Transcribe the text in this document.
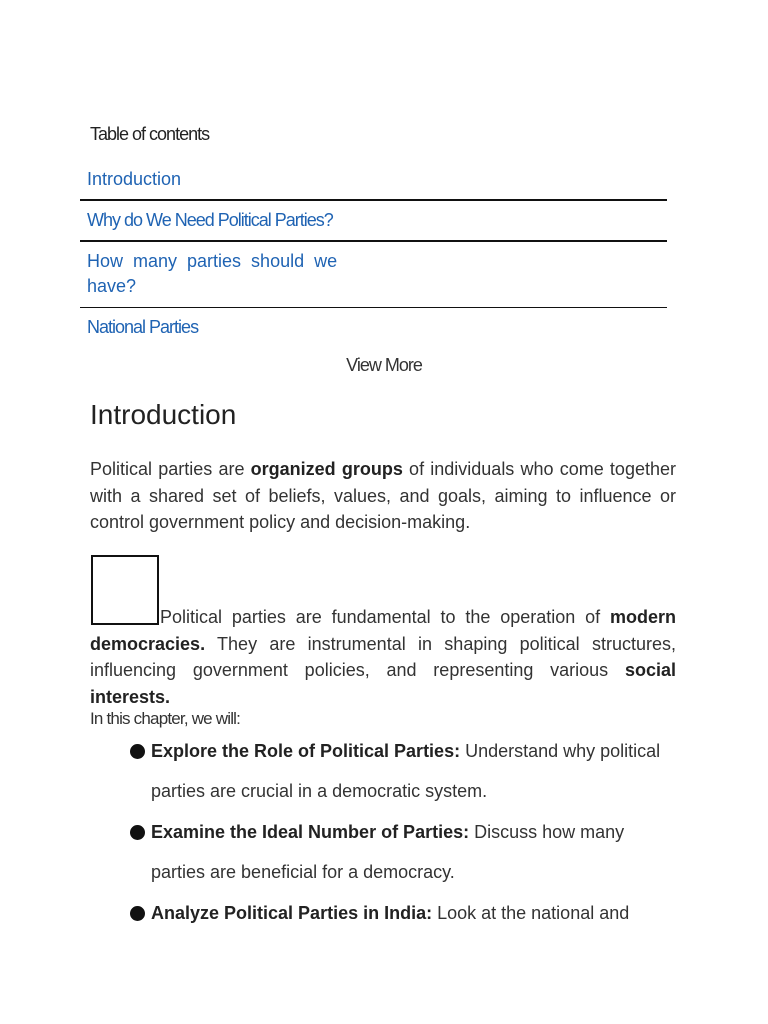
Table of contents
Introduction
Why do We Need Political Parties?
How many parties should we have?
National Parties
View More
Introduction

Political parties are organized groups of individuals who come together with a shared set of beliefs, values, and goals, aiming to influence or control government policy and decision-making.

Political parties are fundamental to the operation of modern democracies. They are instrumental in shaping political structures, influencing government policies, and representing various social interests.

In this chapter, we will:
Explore the Role of Political Parties: Understand why political parties are crucial in a democratic system.
Examine the Ideal Number of Parties: Discuss how many parties are beneficial for a democracy.
Analyze Political Parties in India: Look at the national and
